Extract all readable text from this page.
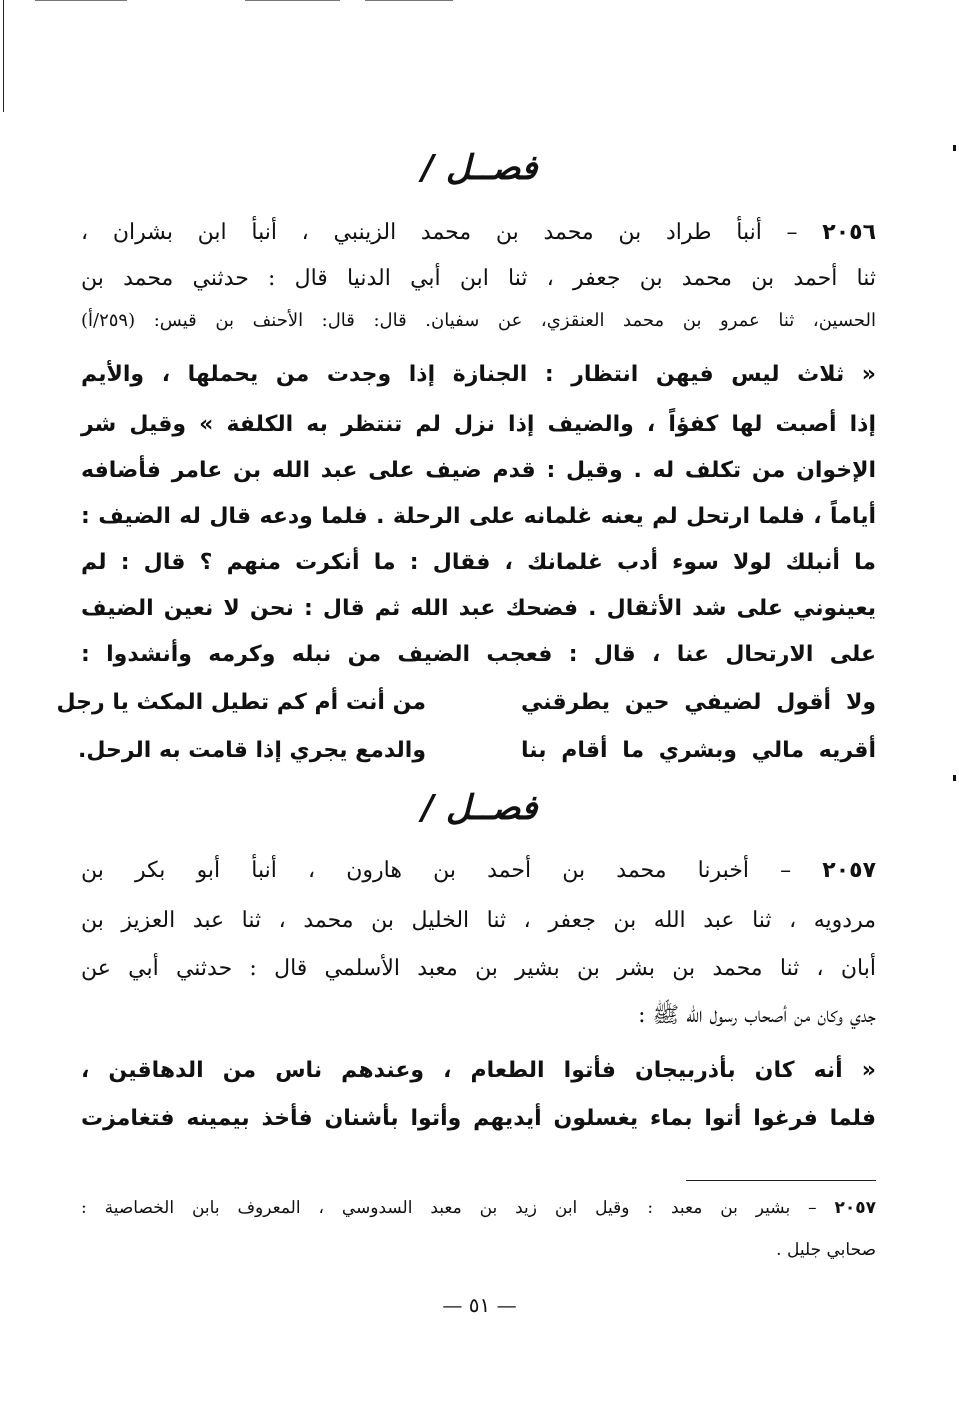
فصــل /
٢٠٥٦ – أنبأ طراد بن محمد بن محمد الزينبي ، أنبأ ابن بشران ،
ثنا أحمد بن محمد بن جعفر ، ثنا ابن أبي الدنيا قال : حدثني محمد بن
الحسين، ثنا عمرو بن محمد العنقزي، عن سفيان. قال: قال: الأحنف بن قيس: (٢٥٩/أ)
« ثلاث ليس فيهن انتظار : الجنازة إذا وجدت من يحملها ، والأيم
إذا أصبت لها كفؤاً ، والضيف إذا نزل لم تنتظر به الكلفة » وقيل شر
الإخوان من تكلف له . وقيل : قدم ضيف على عبد الله بن عامر فأضافه
أياماً ، فلما ارتحل لم يعنه غلمانه على الرحلة . فلما ودعه قال له الضيف :
ما أنبلك لولا سوء أدب غلمانك ، فقال : ما أنكرت منهم ؟ قال : لم
يعينوني على شد الأثقال . فضحك عبد الله ثم قال : نحن لا نعين الضيف
على الارتحال عنا ، قال : فعجب الضيف من نبله وكرمه وأنشدوا :
ولا أقول لضيفي حين يطرقني
من أنت أم كم تطيل المكث يا رجل
أقريه مالي وبشري ما أقام بنا
والدمع يجري إذا قامت به الرحل.
فصــل /
٢٠٥٧ – أخبرنا محمد بن أحمد بن هارون ، أنبأ أبو بكر بن
مردويه ، ثنا عبد الله بن جعفر ، ثنا الخليل بن محمد ، ثنا عبد العزيز بن
أبان ، ثنا محمد بن بشر بن بشير بن معبد الأسلمي قال : حدثني أبي عن
جدي وكان من أصحاب رسول الله ﷺ :
« أنه كان بأذربيجان فأتوا الطعام ، وعندهم ناس من الدهاقين ،
فلما فرغوا أتوا بماء يغسلون أيديهم وأتوا بأشنان فأخذ بيمينه فتغامزت
٢٠٥٧ – بشير بن معبد : وقيل ابن زيد بن معبد السدوسي ، المعروف بابن الخصاصية :
صحابي جليل .
— ٥١ —
